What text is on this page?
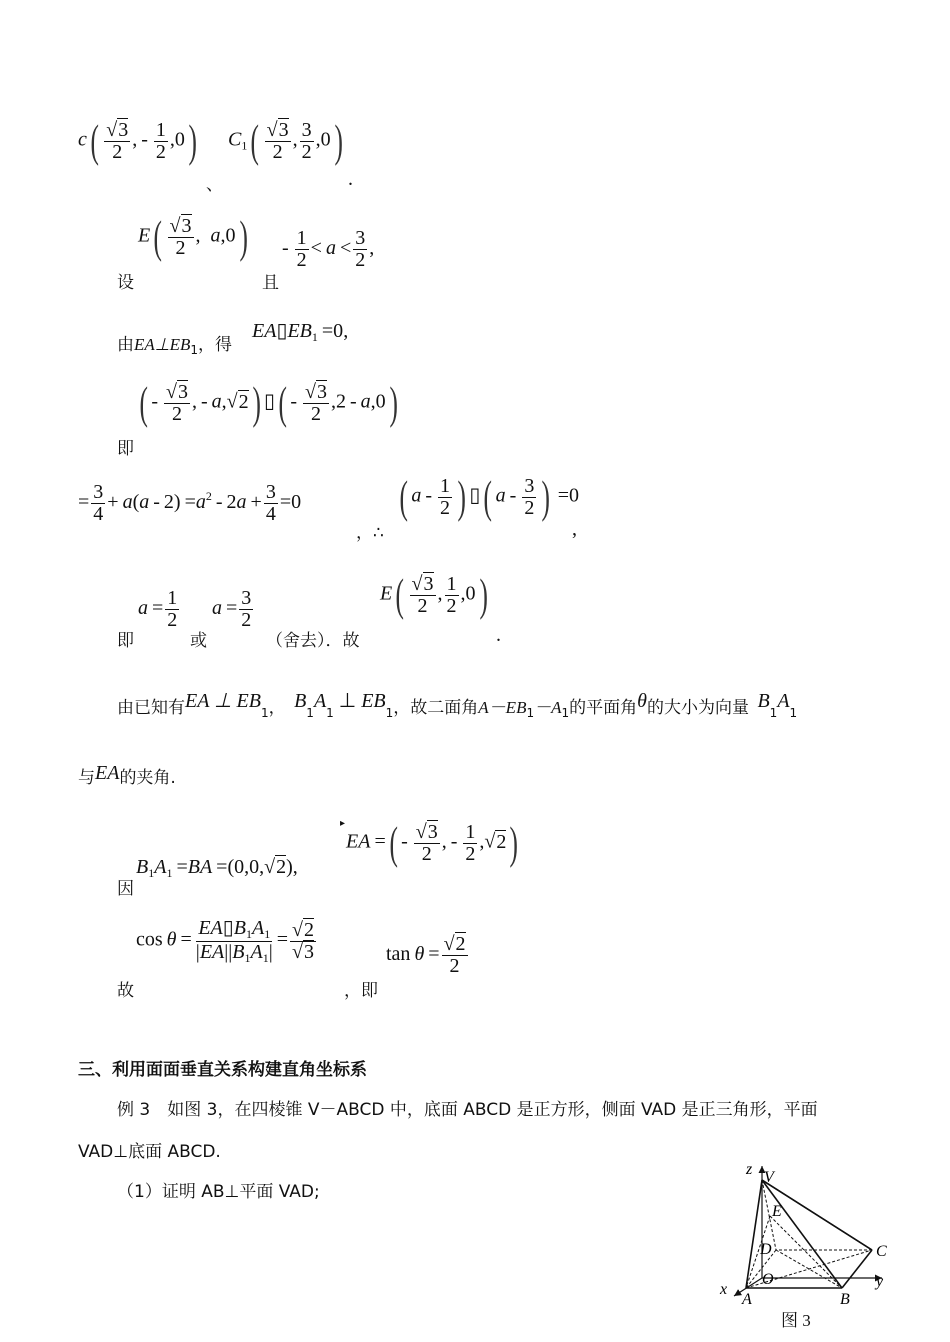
$c( \frac{√3}{2}$ , -  $\frac{1}{2} ,0$)
、
$C_1( \frac{√3}{2}$ , $\frac{3}{2} ,0$)
.
设
$E( \frac{√3}{2}$ , a,0)
且
-  $\frac{1}{2} < a < \frac{3}{2}$ ,
由$EA\perp EB_1$，得
$EA▯EB_1 =0$,
即
( -  $\frac{√3}{2}$ , - a,√2) ▯( -  $\frac{√3}{2} ,2 - a,0$)
= $\frac{3}{4} + a(a - 2) =a^2 - 2a + \frac{3}{4} =0$
，∴
( a -  $\frac{1}{2}$ ) ▯( a -  $\frac{3}{2}$ )  =0
,
即
$a = \frac{1}{2}$
或
$a = \frac{3}{2}$
（舍去）．故
$E( \frac{√3}{2}$ , $\frac{1}{2} ,0$)
.
由已知有EA ⊥ $EB_1$，  $B_1A_1$ ⊥ $EB_1$，故二面角$A-EB_1-A_1$的平面角θ的大小为向量  $B_1A_1$
与EA的夹角.
因
$B_1A_1 =BA =(0,0,√2)$,
▸
EA =( -  $\frac{√3}{2}$ , -  $\frac{1}{2} ,√2$)
故
$\cos \theta = \frac{EA▯B_1A_1}{|EA||B_1A_1|} = \frac{√2}{√3}$
，即
$\tan \theta = \frac{√2}{2}$
三、利用面面垂直关系构建直角坐标系
例 3　如图 3，在四棱锥 V－ABCD 中，底面 ABCD 是正方形，侧面 VAD 是正三角形，平面
VAD⊥底面 ABCD.
（1）证明 AB⊥平面 VAD;
z V
E
D	C
O	y
x
A	B
图 3
